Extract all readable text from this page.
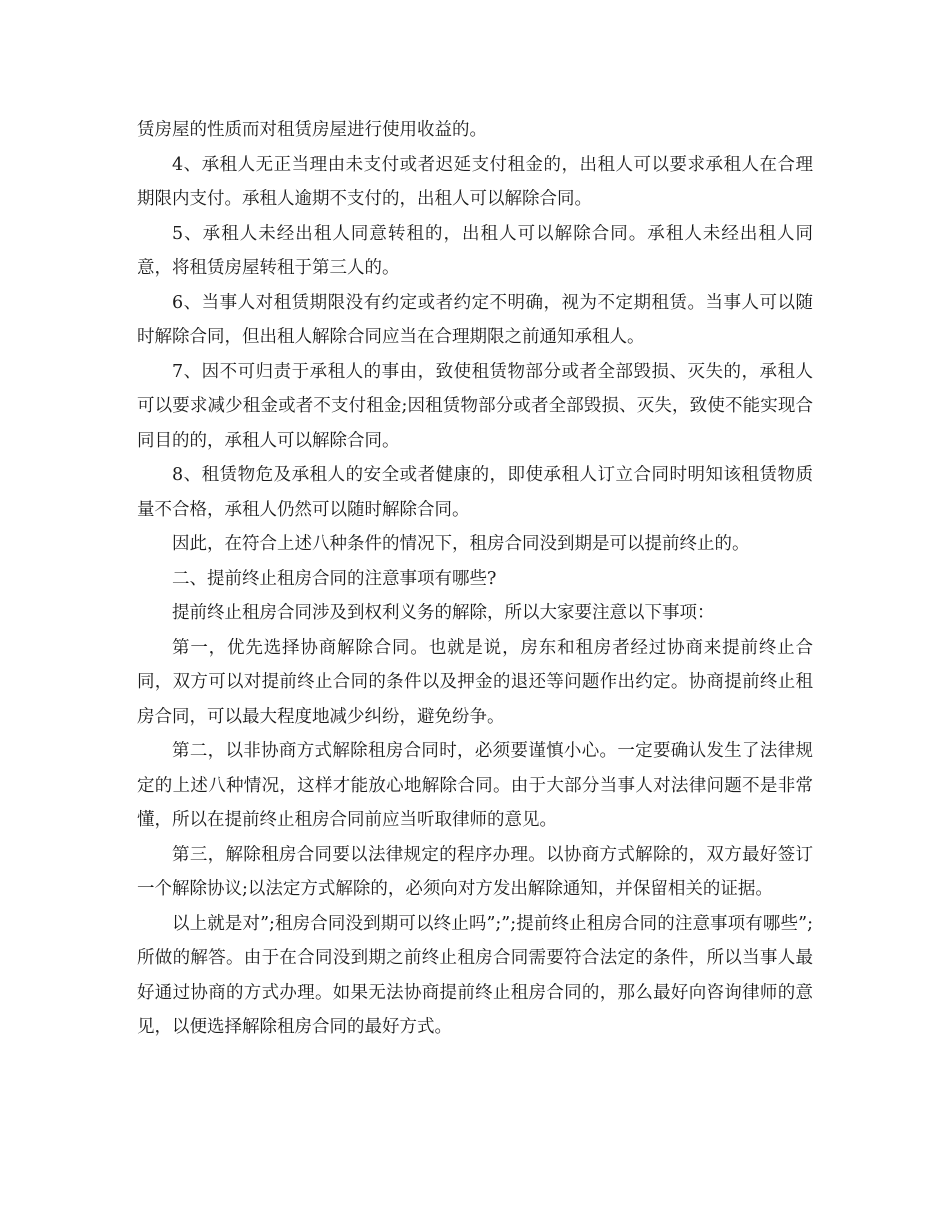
赁房屋的性质而对租赁房屋进行使用收益的。

4、承租人无正当理由未支付或者迟延支付租金的，出租人可以要求承租人在合理期限内支付。承租人逾期不支付的，出租人可以解除合同。

5、承租人未经出租人同意转租的，出租人可以解除合同。承租人未经出租人同意，将租赁房屋转租于第三人的。

6、当事人对租赁期限没有约定或者约定不明确，视为不定期租赁。当事人可以随时解除合同，但出租人解除合同应当在合理期限之前通知承租人。

7、因不可归责于承租人的事由，致使租赁物部分或者全部毁损、灭失的，承租人可以要求减少租金或者不支付租金;因租赁物部分或者全部毁损、灭失，致使不能实现合同目的的，承租人可以解除合同。

8、租赁物危及承租人的安全或者健康的，即使承租人订立合同时明知该租赁物质量不合格，承租人仍然可以随时解除合同。

因此，在符合上述八种条件的情况下，租房合同没到期是可以提前终止的。

二、提前终止租房合同的注意事项有哪些?

提前终止租房合同涉及到权利义务的解除，所以大家要注意以下事项：

第一，优先选择协商解除合同。也就是说，房东和租房者经过协商来提前终止合同，双方可以对提前终止合同的条件以及押金的退还等问题作出约定。协商提前终止租房合同，可以最大程度地减少纠纷，避免纷争。

第二，以非协商方式解除租房合同时，必须要谨慎小心。一定要确认发生了法律规定的上述八种情况，这样才能放心地解除合同。由于大部分当事人对法律问题不是非常懂，所以在提前终止租房合同前应当听取律师的意见。

第三，解除租房合同要以法律规定的程序办理。以协商方式解除的，双方最好签订一个解除协议;以法定方式解除的，必须向对方发出解除通知，并保留相关的证据。

以上就是对”;租房合同没到期可以终止吗”;”;提前终止租房合同的注意事项有哪些”;所做的解答。由于在合同没到期之前终止租房合同需要符合法定的条件，所以当事人最好通过协商的方式办理。如果无法协商提前终止租房合同的，那么最好向咨询律师的意见，以便选择解除租房合同的最好方式。
